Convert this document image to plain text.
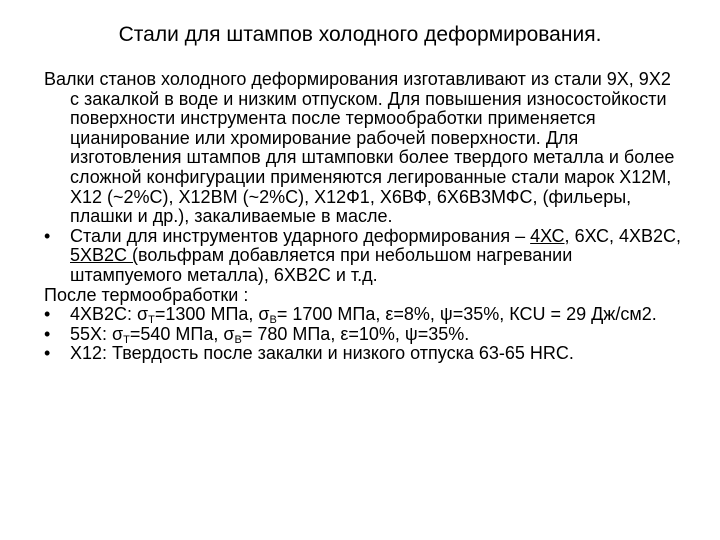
Стали для штампов холодного деформирования.
Валки станов холодного деформирования изготавливают из стали 9Х, 9Х2 с закалкой в воде и низким отпуском. Для повышения износостойкости поверхности инструмента после термообработки применяется цианирование или хромирование рабочей поверхности. Для изготовления штампов для штамповки более твердого металла и более сложной конфигурации применяются легированные стали марок Х12М, Х12 (~2%С), Х12ВМ (~2%С), Х12Ф1, Х6ВФ, 6Х6В3МФС, (фильеры, плашки и др.), закаливаемые в масле.
•	Стали для инструментов ударного деформирования – 4ХС, 6ХС, 4ХВ2С, 5ХВ2С (вольфрам добавляется при небольшом нагревании штампуемого металла), 6ХВ2С и т.д.
После термообработки :
•	4ХВ2С: $\sigma_Т=1300$ МПа, $\sigma_В= 1700$ МПа, ε=8%, ψ=35%, КСU = 29 Дж/см2.
•	55Х: $\sigma_Т=540$ МПа, $\sigma_В= 780$ МПа, ε=10%, ψ=35%.
•	Х12: Твердость после закалки и низкого отпуска 63-65 HRC.
